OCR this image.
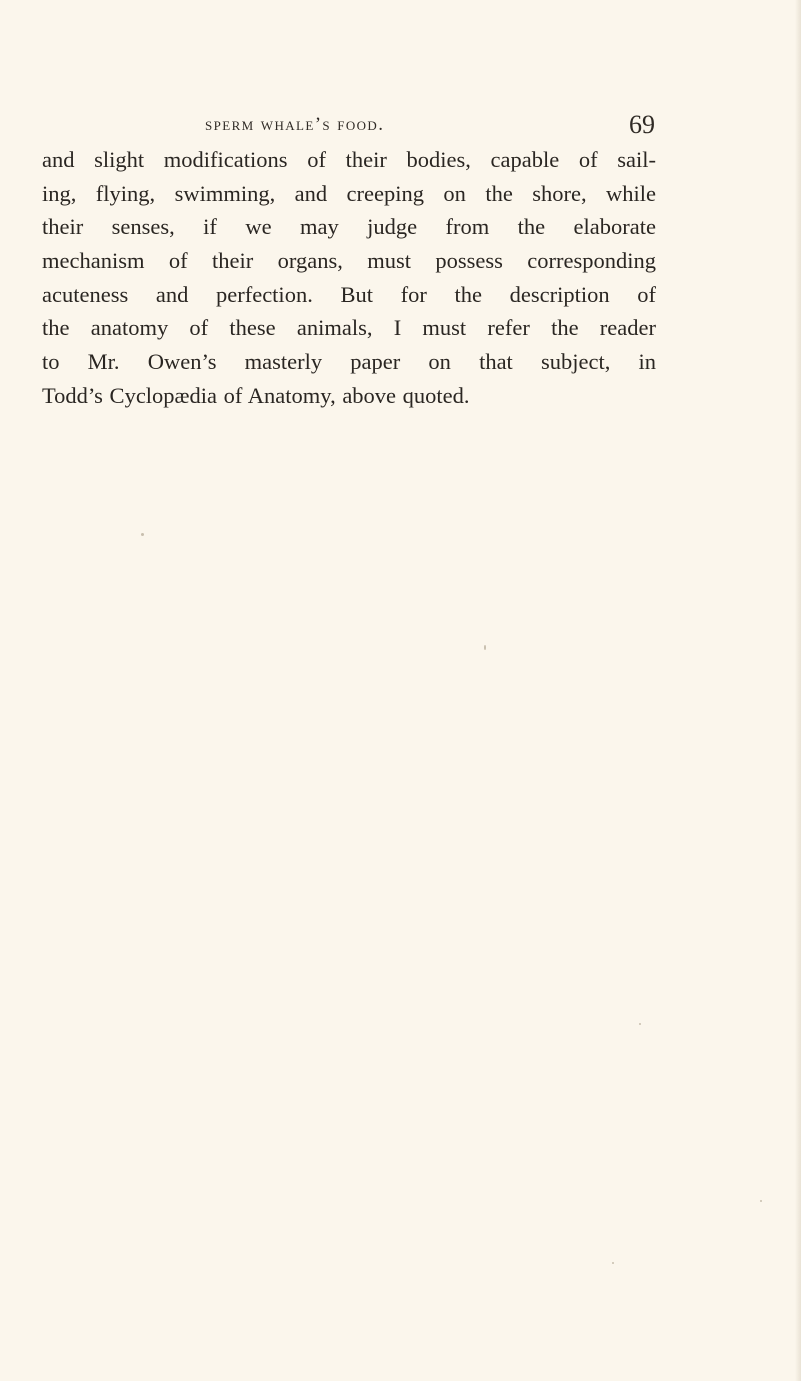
sperm whale’s food.	69
and slight modifications of their bodies, capable of sail-
ing, flying, swimming, and creeping on the shore, while
their senses, if we may judge from the elaborate
mechanism of their organs, must possess corresponding
acuteness and perfection. But for the description of
the anatomy of these animals, I must refer the reader
to Mr. Owen’s masterly paper on that subject, in
Todd’s Cyclopædia of Anatomy, above quoted.
